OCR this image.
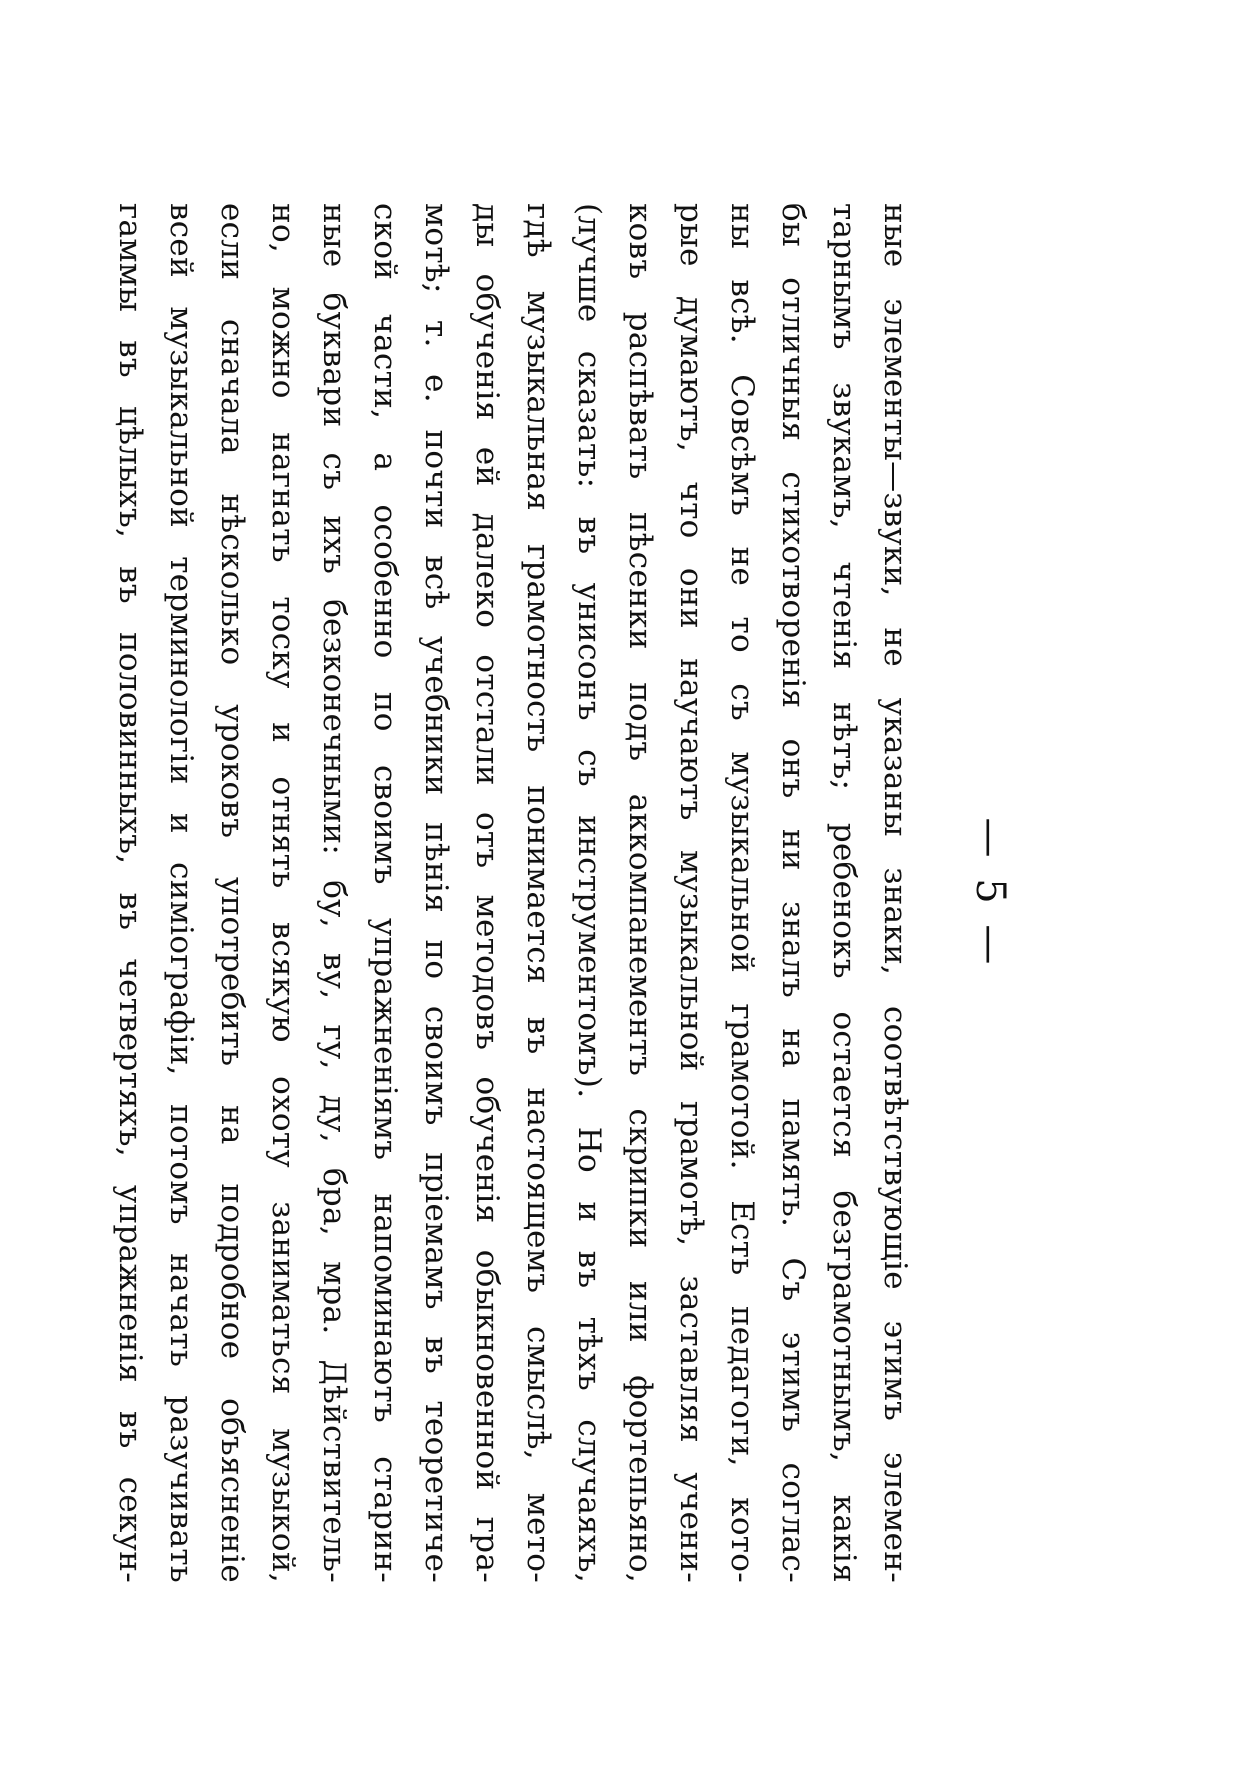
— 5 —
ные элементы—звуки, не указаны знаки, соотвѣтствующіе этимъ элемен-
тарнымъ звукамъ, чтенія нѣтъ; ребенокъ остается безграмотнымъ, какія
бы отличныя стихотворенія онъ ни зналъ на память. Съ этимъ соглас-
ны всѣ. Совсѣмъ не то съ музыкальной грамотой. Есть педагоги, кото-
рые думаютъ, что они научаютъ музыкальной грамотѣ, заставляя учени-
ковъ распѣвать пѣсенки подъ аккомпанементъ скрипки или фортепьяно,
(лучше сказать: въ унисонъ съ инструментомъ). Но и въ тѣхъ случаяхъ,
гдѣ музыкальная грамотность понимается въ настоящемъ смыслѣ, мето-
ды обученія ей далеко отстали отъ методовъ обученія обыкновенной гра-
мотѣ; т. е. почти всѣ учебники пѣнія по своимъ пріемамъ въ теоретиче-
ской части, а особенно по своимъ упражненіямъ напоминаютъ старин-
ные буквари съ ихъ безконечными: бу, ву, гу, ду, бра, мра. Дѣйствитель-
но, можно нагнать тоску и отнять всякую охоту заниматься музыкой,
если сначала нѣсколько уроковъ употребить на подробное объясненіе
всей музыкальной терминологіи и симіографіи, потомъ начать разучивать
гаммы въ цѣлыхъ, въ половинныхъ, въ четвертяхъ, упражненія въ секун-
